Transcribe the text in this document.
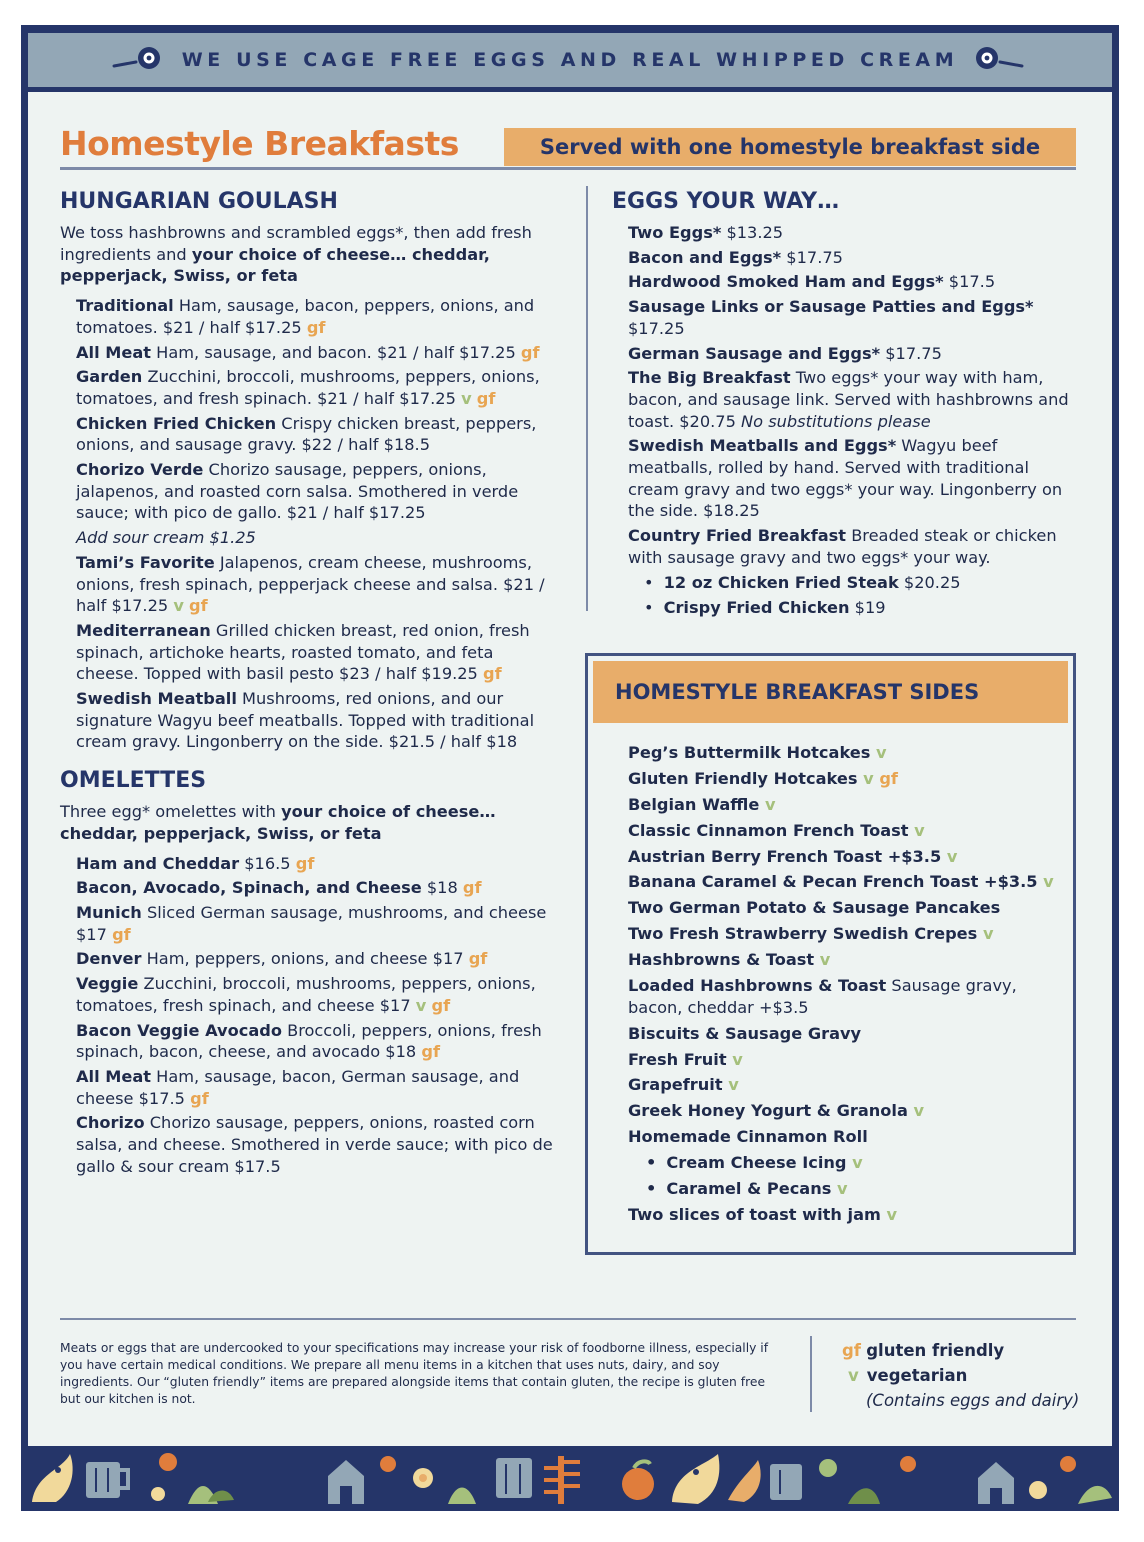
WE USE CAGE FREE EGGS AND REAL WHIPPED CREAM
Homestyle Breakfasts	Served with one homestyle breakfast side
HUNGARIAN GOULASH
We toss hashbrowns and scrambled eggs*, then add fresh ingredients and your choice of cheese… cheddar, pepperjack, Swiss, or feta
Traditional Ham, sausage, bacon, peppers, onions, and tomatoes. $21 / half $17.25 gf
All Meat Ham, sausage, and bacon. $21 / half $17.25 gf
Garden Zucchini, broccoli, mushrooms, peppers, onions, tomatoes, and fresh spinach. $21 / half $17.25 v gf
Chicken Fried Chicken Crispy chicken breast, peppers, onions, and sausage gravy. $22 / half $18.5
Chorizo Verde Chorizo sausage, peppers, onions, jalapenos, and roasted corn salsa. Smothered in verde sauce; with pico de gallo. $21 / half $17.25
Add sour cream $1.25
Tami’s Favorite Jalapenos, cream cheese, mushrooms, onions, fresh spinach, pepperjack cheese and salsa. $21 / half $17.25 v gf
Mediterranean Grilled chicken breast, red onion, fresh spinach, artichoke hearts, roasted tomato, and feta cheese. Topped with basil pesto $23 / half $19.25 gf
Swedish Meatball Mushrooms, red onions, and our signature Wagyu beef meatballs. Topped with traditional cream gravy. Lingonberry on the side. $21.5 / half $18
OMELETTES
Three egg* omelettes with your choice of cheese… cheddar, pepperjack, Swiss, or feta
Ham and Cheddar $16.5 gf
Bacon, Avocado, Spinach, and Cheese $18 gf
Munich Sliced German sausage, mushrooms, and cheese $17 gf
Denver Ham, peppers, onions, and cheese $17 gf
Veggie Zucchini, broccoli, mushrooms, peppers, onions, tomatoes, fresh spinach, and cheese $17 v gf
Bacon Veggie Avocado Broccoli, peppers, onions, fresh spinach, bacon, cheese, and avocado $18 gf
All Meat Ham, sausage, bacon, German sausage, and cheese $17.5 gf
Chorizo Chorizo sausage, peppers, onions, roasted corn salsa, and cheese. Smothered in verde sauce; with pico de gallo & sour cream $17.5
EGGS YOUR WAY…
Two Eggs* $13.25
Bacon and Eggs* $17.75
Hardwood Smoked Ham and Eggs* $17.5
Sausage Links or Sausage Patties and Eggs* $17.25
German Sausage and Eggs* $17.75
The Big Breakfast Two eggs* your way with ham, bacon, and sausage link. Served with hashbrowns and toast. $20.75 No substitutions please
Swedish Meatballs and Eggs* Wagyu beef meatballs, rolled by hand. Served with traditional cream gravy and two eggs* your way. Lingonberry on the side. $18.25
Country Fried Breakfast Breaded steak or chicken with sausage gravy and two eggs* your way.
• 12 oz Chicken Fried Steak $20.25
• Crispy Fried Chicken $19
HOMESTYLE BREAKFAST SIDES
Peg’s Buttermilk Hotcakes v
Gluten Friendly Hotcakes v gf
Belgian Waffle v
Classic Cinnamon French Toast v
Austrian Berry French Toast +$3.5 v
Banana Caramel & Pecan French Toast +$3.5 v
Two German Potato & Sausage Pancakes
Two Fresh Strawberry Swedish Crepes v
Hashbrowns & Toast v
Loaded Hashbrowns & Toast Sausage gravy, bacon, cheddar +$3.5
Biscuits & Sausage Gravy
Fresh Fruit v
Grapefruit v
Greek Honey Yogurt & Granola v
Homemade Cinnamon Roll
• Cream Cheese Icing v
• Caramel & Pecans v
Two slices of toast with jam v
Meats or eggs that are undercooked to your specifications may increase your risk of foodborne illness, especially if you have certain medical conditions. We prepare all menu items in a kitchen that uses nuts, dairy, and soy ingredients. Our “gluten friendly” items are prepared alongside items that contain gluten, the recipe is gluten free but our kitchen is not.
gf gluten friendly
v vegetarian
(Contains eggs and dairy)
